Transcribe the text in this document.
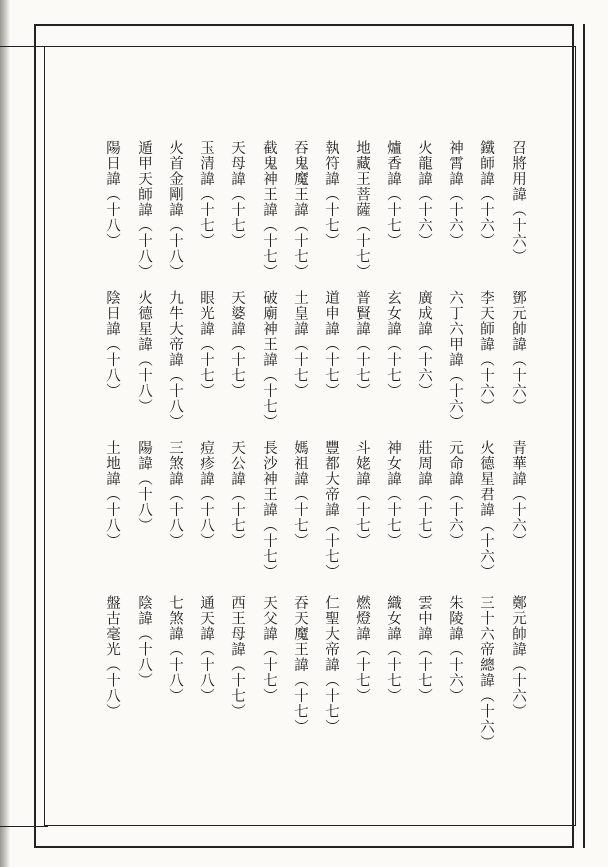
召將用諱（十六）
鄧元帥諱（十六）
青華諱（十六）
鄭元帥諱（十六）
鐵師諱（十六）
李天師諱（十六）
火德星君諱（十六）
三十六帝總諱（十六）
神霄諱（十六）
六丁六甲諱（十六）
元命諱（十六）
朱陵諱（十六）
火龍諱（十六）
廣成諱（十六）
莊周諱（十七）
雲中諱（十七）
爐香諱（十七）
玄女諱（十七）
神女諱（十七）
織女諱（十七）
地藏王菩薩（十七）
普賢諱（十七）
斗姥諱（十七）
燃燈諱（十七）
執符諱（十七）
道申諱（十七）
豐都大帝諱（十七）
仁聖大帝諱（十七）
吞鬼魔王諱（十七）
土皇諱（十七）
媽祖諱（十七）
吞天魔王諱（十七）
截鬼神王諱（十七）
破廟神王諱（十七）
長沙神王諱（十七）
天父諱（十七）
天母諱（十七）
天婆諱（十七）
天公諱（十七）
西王母諱（十七）
玉清諱（十七）
眼光諱（十七）
痘疹諱（十八）
通天諱（十八）
火首金剛諱（十八）
九牛大帝諱（十八）
三煞諱（十八）
七煞諱（十八）
遁甲天師諱（十八）
火德星諱（十八）
陽諱（十八）
陰諱（十八）
陽日諱（十八）
陰日諱（十八）
土地諱（十八）
盤古毫光（十八）
